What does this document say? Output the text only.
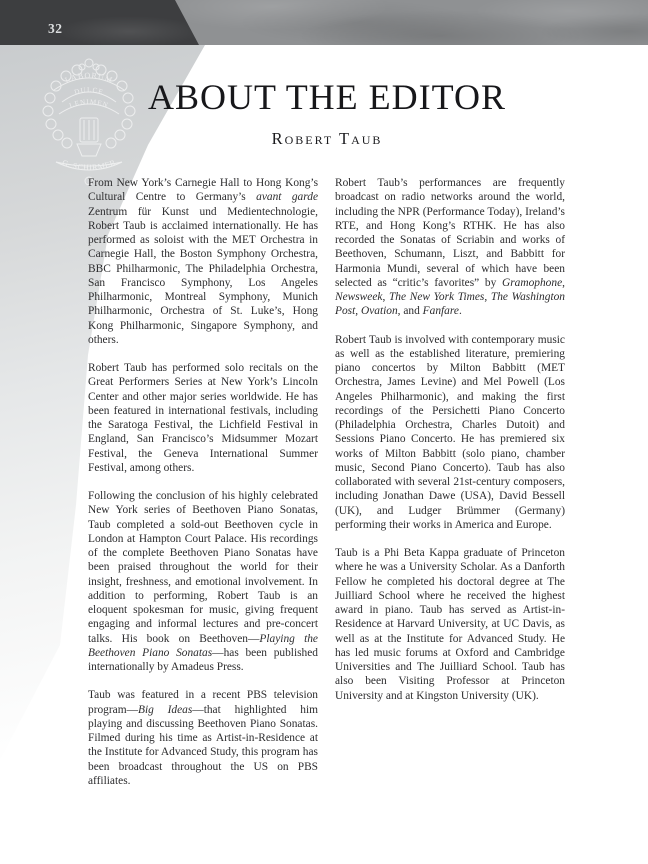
32
LABORUM
DULCE
LENIMEN
G. SCHIRMER
ABOUT THE EDITOR
Robert Taub

From New York’s Carnegie Hall to Hong Kong’s Cultural Centre to Germany’s avant garde Zentrum für Kunst und Medientechnologie, Robert Taub is acclaimed internationally. He has performed as soloist with the MET Orchestra in Carnegie Hall, the Boston Symphony Orchestra, BBC Philharmonic, The Philadelphia Orchestra, San Francisco Symphony, Los Angeles Philharmonic, Montreal Symphony, Munich Philharmonic, Orchestra of St. Luke’s, Hong Kong Philharmonic, Singapore Symphony, and others.

Robert Taub has performed solo recitals on the Great Performers Series at New York’s Lincoln Center and other major series worldwide. He has been featured in international festivals, including the Saratoga Festival, the Lichfield Festival in England, San Francisco’s Midsummer Mozart Festival, the Geneva International Summer Festival, among others.

Following the conclusion of his highly celebrated New York series of Beethoven Piano Sonatas, Taub completed a sold-out Beethoven cycle in London at Hampton Court Palace. His recordings of the complete Beethoven Piano Sonatas have been praised throughout the world for their insight, freshness, and emotional involvement. In addition to performing, Robert Taub is an eloquent spokesman for music, giving frequent engaging and informal lectures and pre-concert talks. His book on Beethoven—Playing the Beethoven Piano Sonatas—has been published internationally by Amadeus Press.

Taub was featured in a recent PBS television program—Big Ideas—that highlighted him playing and discussing Beethoven Piano Sonatas. Filmed during his time as Artist-in-Residence at the Institute for Advanced Study, this program has been broadcast throughout the US on PBS affiliates.

Robert Taub’s performances are frequently broadcast on radio networks around the world, including the NPR (Performance Today), Ireland’s RTE, and Hong Kong’s RTHK. He has also recorded the Sonatas of Scriabin and works of Beethoven, Schumann, Liszt, and Babbitt for Harmonia Mundi, several of which have been selected as “critic’s favorites” by Gramophone, Newsweek, The New York Times, The Washington Post, Ovation, and Fanfare.

Robert Taub is involved with contemporary music as well as the established literature, premiering piano concertos by Milton Babbitt (MET Orchestra, James Levine) and Mel Powell (Los Angeles Philharmonic), and making the first recordings of the Persichetti Piano Concerto (Philadelphia Orchestra, Charles Dutoit) and Sessions Piano Concerto. He has premiered six works of Milton Babbitt (solo piano, chamber music, Second Piano Concerto). Taub has also collaborated with several 21st-century composers, including Jonathan Dawe (USA), David Bessell (UK), and Ludger Brümmer (Germany) performing their works in America and Europe.

Taub is a Phi Beta Kappa graduate of Princeton where he was a University Scholar. As a Danforth Fellow he completed his doctoral degree at The Juilliard School where he received the highest award in piano. Taub has served as Artist-in-Residence at Harvard University, at UC Davis, as well as at the Institute for Advanced Study. He has led music forums at Oxford and Cambridge Universities and The Juilliard School. Taub has also been Visiting Professor at Princeton University and at Kingston University (UK).
